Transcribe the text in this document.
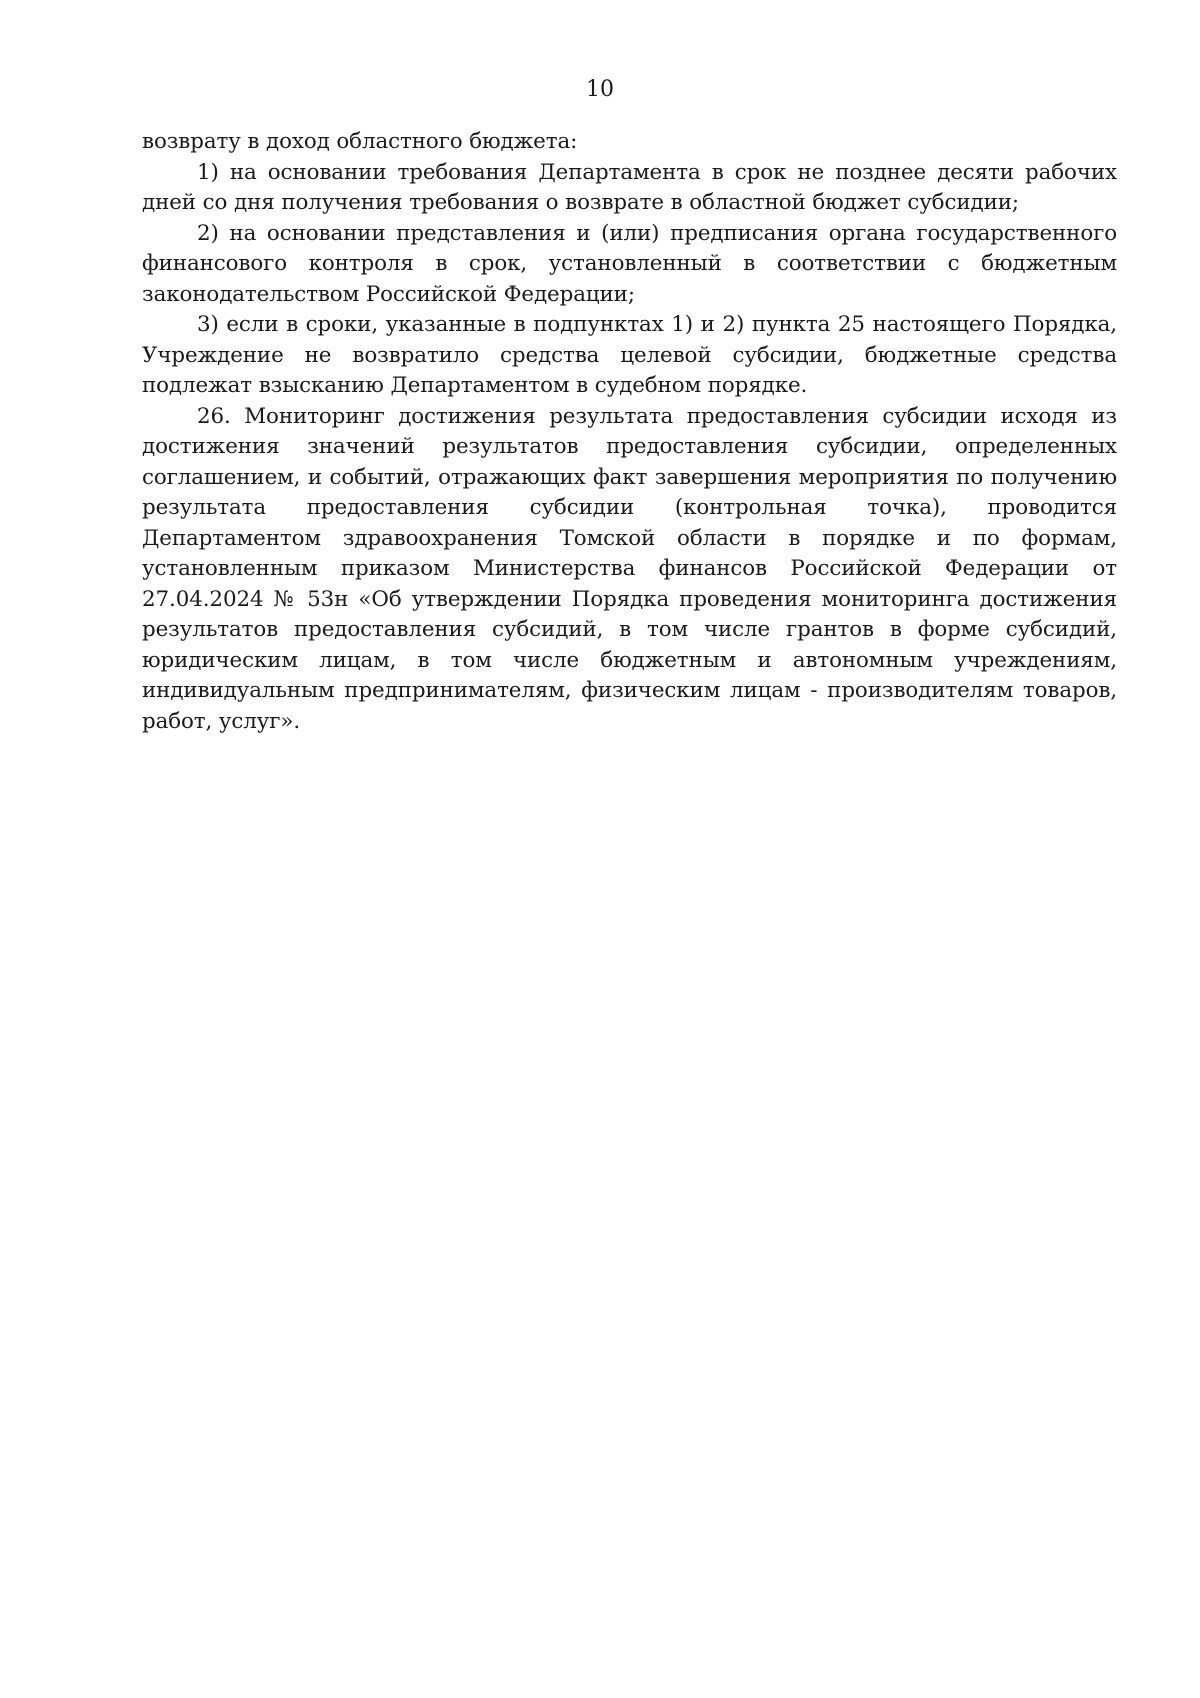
10

возврату в доход областного бюджета:

1) на основании требования Департамента в срок не позднее десяти рабочих дней со дня получения требования о возврате в областной бюджет субсидии;

2) на основании представления и (или) предписания органа государственного финансового контроля в срок, установленный в соответствии с бюджетным законодательством Российской Федерации;

3) если в сроки, указанные в подпунктах 1) и 2) пункта 25 настоящего Порядка, Учреждение не возвратило средства целевой субсидии, бюджетные средства подлежат взысканию Департаментом в судебном порядке.

26. Мониторинг достижения результата предоставления субсидии исходя из достижения значений результатов предоставления субсидии, определенных соглашением, и событий, отражающих факт завершения мероприятия по получению результата предоставления субсидии (контрольная точка), проводится Департаментом здравоохранения Томской области в порядке и по формам, установленным приказом Министерства финансов Российской Федерации от 27.04.2024 № 53н «Об утверждении Порядка проведения мониторинга достижения результатов предоставления субсидий, в том числе грантов в форме субсидий, юридическим лицам, в том числе бюджетным и автономным учреждениям, индивидуальным предпринимателям, физическим лицам - производителям товаров, работ, услуг».
